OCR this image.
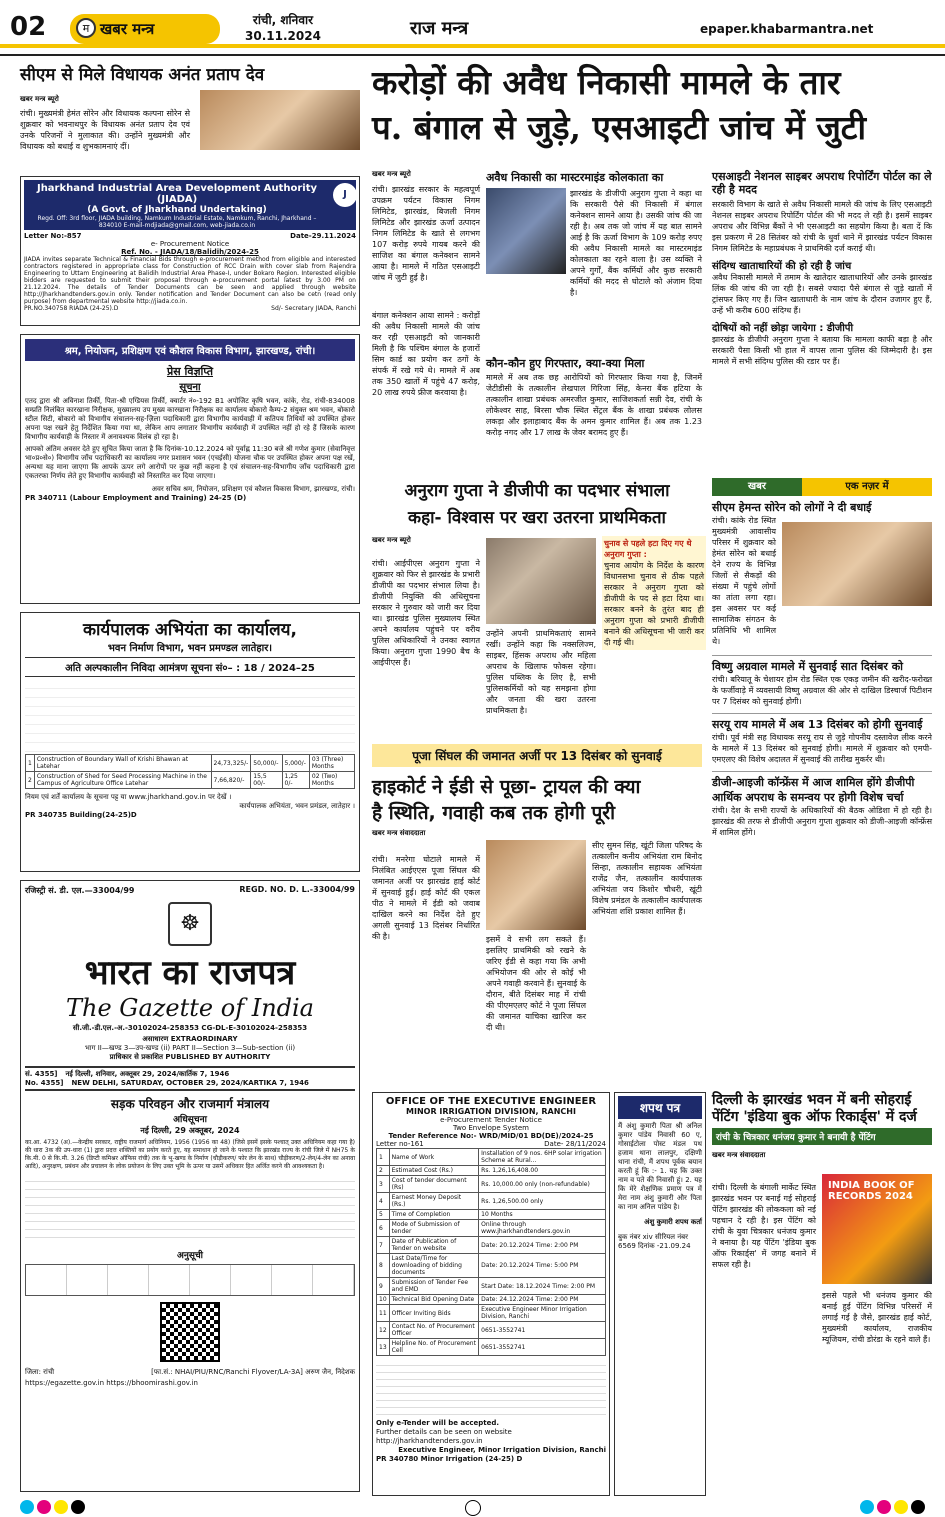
02	खबर मन्त्र
म
रांची, शनिवार
30.11.2024	राज मन्त्र	epaper.khabarmantra.net
सीएम से मिले विधायक अनंत प्रताप देव
खबर मन्त्र ब्यूरो
रांची। मुख्यमंत्री हेमंत सोरेन और विधायक कल्पना सोरेन से शुक्रवार को भवनाथपुर के विधायक अनंत प्रताप देव एवं उनके परिजनों ने मुलाकात की। उन्होंने मुख्यमंत्री और विधायक को बधाई व शुभकामनाएं दीं।
Jharkhand Industrial Area Development Authority (JIADA)
(A Govt. of Jharkhand Undertaking)
Regd. Off: 3rd floor, JIADA building, Namkum Industrial Estate, Namkum, Ranchi, Jharkhand – 834010 E-mail-mdjiada@gmail.com, web-jiada.co.in
J
Letter No:-857	Date-29.11.2024
e- Procurement Notice
Ref. No. - JIADA/18/Balidih/2024-25
JIADA invites separate Technical & Financial Bids through e-procurement method from eligible and interested contractors registered in appropriate class for Construction of RCC Drain with cover slab from Rajendra Engineering to Uttam Engineering at Balidih Industrial Area Phase-I, under Bokaro Region. Interested eligible bidders are requested to submit their proposal through e-procurement portal latest by 3.00 PM on 21.12.2024. The details of Tender Documents can be seen and applied through website http://Jharkhandtenders.gov.in only. Tender notification and Tender Document can also be cetn (read only purpose) from departmental website http://jiada.co.in.
PR.NO.340758 RIADA (24-25).D	Sd/- Secretary JIADA, Ranchi
श्रम, नियोजन, प्रशिक्षण एवं कौशल विकास विभाग, झारखण्ड, रांची।
प्रेस विज्ञप्ति
सूचना
एतद द्वारा श्री अविनाश तिर्की, पिता-श्री एग्‍डियस तिर्की, क्वार्टर नं०-192 B1 अपोजिट कृषि भवन, कांके, रोड, रांची-834008 सम्प्रति निलंबित कारखाना निरीक्षक, मुख्यालय उप मुख्य कारखाना निरीक्षक का कार्यालय बोकारो कैम्प-2 संयुक्त श्रम भवन, बोकारो स्टील सिटी, बोकारो को विभागीय संचालन-सह-ज़िला पदाधिकारी द्वारा विभागीय कार्यवाही में कतिपय तिथियों को उपस्थित होकर अपना पक्ष रखने हेतु निर्देशित किया गया था, लेकिन आप लगातार विभागीय कार्यवाही में उपस्थित नहीं हो रहे हैं जिसके कारण विभागीय कार्यवाही के निस्तार में अनावश्यक विलंब हो रहा है।
आपको अंतिम अवसर देते हुए सूचित किया जाता है कि दिनांक-10.12.2024 को पूर्वाह्न 11:30 बजे श्री गणेश कुमार (सेवानिवृत्त भा०प्र०से०) विभागीय जाँच पदाधिकारी का कार्यालय नगर प्रशासन भवन (एचईसी) योजना चौक पर उपस्थित होकर अपना पक्ष रखें, अन्यथा यह माना जाएगा कि आपके ऊपर लगे आरोपों पर कुछ नहीं कहना है एवं संचालन-सह-विभागीय जाँच पदाधिकारी द्वारा एकतरफा निर्णय लेते हुए विभागीय कार्यवाही को निस्तारित कर दिया जाएगा।
अवर सचिव श्रम, नियोजन, प्रशिक्षण एवं कौशल विकास विभाग, झारखण्ड, रांची।
PR 340711 (Labour Employment and Training) 24-25 (D)
कार्यपालक अभियंता का कार्यालय,
भवन निर्माण विभाग, भवन प्रमण्डल लातेहार।
अति अल्पकालीन निविदा आमंत्रण सूचना सं०– : 18 / 2024–25
1	Construction of Boundary Wall of Krishi Bhawan at Latehar	24,73,325/-	50,000/-	5,000/-	03 (Three) Months
2	Construction of Shed for Seed Processing Machine in the Campus of Agriculture Office Latehar	7,66,820/-	15,5 00/-	1,25 0/-	02 (Two) Months
नियम एवं शर्तें कार्यालय के सूचना पट्ट या www.jharkhand.gov.in पर देखें ।
कार्यपालक अभियंता, भवन प्रमंडल, लातेहार ।
PR 340735 Building(24-25)D
रजिस्ट्री सं. डी. एल.—33004/99	REGD. NO. D. L.-33004/99
☸
भारत का राजपत्र
The Gazette of India
सी.जी.-डी.एल.-अ.-30102024-258353 CG-DL-E-30102024-258353
असाधारण EXTRAORDINARY
भाग II—खण्ड 3—उप-खण्ड (ii) PART II—Section 3—Sub-section (ii)
प्राधिकार से प्रकाशित PUBLISHED BY AUTHORITY
सं. 4355] नई दिल्ली, शनिवार, अक्तूबर 29, 2024/कार्तिक 7, 1946
No. 4355] NEW DELHI, SATURDAY, OCTOBER 29, 2024/KARTIKA 7, 1946
सड़क परिवहन और राजमार्ग मंत्रालय
अधिसूचना
नई दिल्ली, 29 अक्तूबर, 2024
का.आ. 4732 (अ).—केन्द्रीय सरकार, राष्ट्रीय राजमार्ग अधिनियम, 1956 (1956 का 48) (जिसे इसमें इसके पश्चात् उक्त अधिनियम कहा गया है) की धारा 3क की उप-धारा (1) द्वारा प्रदत्त शक्तियों का प्रयोग करते हुए, यह समाधान हो जाने के पश्चात कि झारखंड राज्य के रांची जिले में NH75 के कि.मी. 0 से कि.मी. 3.26 (डिप्टी कमिश्नर ऑफिस रांची) तक के भू-खण्ड के निर्माण (चौड़ीकरण/ फोर लेन के साथ) चौड़ीकरण/2-लेन/4-लेन का अनावा आदि), अनुरक्षण, प्रबंधन और प्रचालन के लोक प्रयोजन के लिए उक्त भूमि के ऊपर या उसमें अधिकार हित अर्जित करने की आवश्यकता है।
अनुसूची
जिला: रांची	[फा.सं.: NHAI/PIU/RNC/Ranchi Flyover/LA-3A] अरुण जैन, निदेशक
https://egazette.gov.in https://bhoomirashi.gov.in
करोड़ों की अवैध निकासी मामले के तार
प. बंगाल से जुड़े, एसआइटी जांच में जुटी
खबर मन्त्र ब्यूरो
रांची। झारखंड सरकार के महत्वपूर्ण उपक्रम पर्यटन विकास निगम लिमिटेड, झारखंड, बिजली निगम लिमिटेड और झारखंड ऊर्जा उत्पादन निगम लिमिटेड के खाते से लगभग 107 करोड़ रुपये गायब करने की साजिश का बंगाल कनेक्शन सामने आया है। मामले में गठित एसआइटी जांच में जुटी हुई है।
बंगाल कनेक्शन आया सामने : करोड़ों की अवैध निकासी मामले की जांच कर रही एसआइटी को जानकारी मिली है कि पश्चिम बंगाल के हजारों सिम कार्ड का प्रयोग कर ठगों के संपर्क में रखे गये थे। मामले में अब तक 350 खातों में पहुंचे 47 करोड़, 20 लाख रुपये फ्रीज करवाया है।
अवैध निकासी का मास्टरमाइंड कोलकाता का
झारखंड के डीजीपी अनुराग गुप्ता ने कहा था कि सरकारी पैसे की निकासी में बंगाल कनेक्शन सामने आया है। उसकी जांच की जा रही है। अब तक जो जांच में यह बात सामने आई है कि ऊर्जा विभाग के 109 करोड़ रुपए की अवैध निकासी मामले का मास्टरमाइंड कोलकाता का रहने वाला है। उस व्यक्ति ने अपने गुर्गों, बैंक कर्मियों और कुछ सरकारी कर्मियों की मदद से घोटाले को अंजाम दिया है।
कौन-कौन हुए गिरफ्तार, क्या-क्या मिला
मामले में अब तक छह आरोपियों को गिरफ्तार किया गया है, जिनमें जेटीडीसी के तत्कालीन लेखपाल गिरिजा सिंह, केनरा बैंक हटिया के तत्कालीन शाखा प्रबंधक अमरजीत कुमार, साजिशकर्ता सन्नी देव, रांची के लोकेश्वर साह, बिरसा चौक स्थित सेंट्रल बैंक के शाखा प्रबंधक लोलस लकड़ा और इलाहाबाद बैंक के अमन कुमार शामिल हैं। अब तक 1.23 करोड़ नगद और 17 लाख के जेवर बरामद हुए हैं।
एसआइटी नेशनल साइबर अपराध रिपोर्टिंग पोर्टल का ले रही है मदद
सरकारी विभाग के खाते से अवैध निकासी मामले की जांच के लिए एसआइटी नेशनल साइबर अपराध रिपोर्टिंग पोर्टल की भी मदद ले रही है। इसमें साइबर अपराध और विभिन्न बैंकों ने भी एसआइटी का सहयोग किया है। बता दें कि इस प्रकरण में 28 सितंबर को रांची के धुर्वा थाने में झारखंड पर्यटन विकास निगम लिमिटेड के महाप्रबंधक ने प्राथमिकी दर्ज कराई थी।
संदिग्ध खाताधारियों की हो रही है जांच
अवैध निकासी मामले में तमाम के खातेदार खाताधारियों और उनके झारखंड लिंक की जांच की जा रही है। सबसे ज्यादा पैसे बंगाल से जुड़े खातों में ट्रांसफर किए गए हैं। जिन खाताधारी के नाम जांच के दौरान उजागर हुए हैं, उन्हें भी करीब 600 संदिग्ध हैं।
दोषियों को नहीं छोड़ा जायेगा : डीजीपी
झारखंड के डीजीपी अनुराग गुप्ता ने बताया कि मामला काफी बड़ा है और सरकारी पैसा किसी भी हाल में वापस लाना पुलिस की जिम्मेदारी है। इस मामले में सभी संदिग्ध पुलिस की रडार पर हैं।
अनुराग गुप्ता ने डीजीपी का पदभार संभाला
कहा- विश्वास पर खरा उतरना प्राथमिकता
खबर मन्त्र ब्यूरो
रांची। आईपीएस अनुराग गुप्ता ने शुक्रवार को फिर से झारखंड के प्रभारी डीजीपी का पदभार संभाल लिया है। डीजीपी नियुक्ति की अधिसूचना सरकार ने गुरुवार को जारी कर दिया था। झारखंड पुलिस मुख्यालय स्थित अपने कार्यालय पहुंचने पर वरीय पुलिस अधिकारियों ने उनका स्वागत किया। अनुराग गुप्ता 1990 बैच के आईपीएस हैं।
उन्होंने अपनी प्राथमिकताएं सामने रखीं। उन्होंने कहा कि नक्सलिज्म, साइबर, हिंसक अपराध और महिला अपराध के खिलाफ फोकस रहेगा। पुलिस पब्लिक के लिए है, सभी पुलिसकर्मियों को यह समझना होगा और जनता की खरा उतरना प्राथमिकता है।
चुनाव से पहले हटा दिए गए थे अनुराग गुप्ता :
चुनाव आयोग के निर्देश के कारण विधानसभा चुनाव से ठीक पहले सरकार ने अनुराग गुप्ता को डीजीपी के पद से हटा दिया था। सरकार बनने के तुरंत बाद ही अनुराग गुप्ता को प्रभारी डीजीपी बनाने की अधिसूचना भी जारी कर दी गई थी।
खबर	एक नज़र में
सीएम हेमन्त सोरेन को लोगों ने दी बधाई
रांची। कांके रोड स्थित मुख्यमंत्री आवासीय परिसर में शुक्रवार को हेमंत सोरेन को बधाई देने राज्य के विभिन्न जिलों से सैकड़ों की संख्या में पहुंचे लोगों का तांता लगा रहा। इस अवसर पर कई सामाजिक संगठन के प्रतिनिधि भी शामिल थे।
विष्णु अग्रवाल मामले में सुनवाई सात दिसंबर को
रांची। बरियातू के चेशायर होम रोड स्थित एक एकड़ जमीन की खरीद-फरोख्त के फर्जीवाड़े में व्यवसायी विष्णु अग्रवाल की ओर से दाखिल डिस्चार्ज पिटीशन पर 7 दिसंबर को सुनवाई होगी।
सरयू राय मामले में अब 13 दिसंबर को होगी सुनवाई
रांची। पूर्व मंत्री सह विधायक सरयू राय से जुड़े गोपनीय दस्तावेज लीक करने के मामले में 13 दिसंबर को सुनवाई होगी। मामले में शुक्रवार को एमपी-एमएलए की विशेष अदालत में सुनवाई की तारीख मुकर्रर थी।
डीजी-आइजी कॉन्फ्रेंस में आज शामिल होंगे डीजीपी आर्थिक अपराध के समन्वय पर होगी विशेष चर्चा
रांची। देश के सभी राज्यों के अधिकारियों की बैठक ओडिशा में हो रही है। झारखंड की तरफ से डीजीपी अनुराग गुप्ता शुक्रवार को डीजी-आइजी कॉन्फ्रेंस में शामिल होंगे।
पूजा सिंघल की जमानत अर्जी पर 13 दिसंबर को सुनवाई
हाइकोर्ट ने ईडी से पूछा- ट्रायल की क्या
है स्थिति, गवाही कब तक होगी पूरी
खबर मन्त्र संवाददाता
रांची। मनरेगा घोटाले मामले में निलंबित आईएएस पूजा सिंघल की जमानत अर्जी पर झारखंड हाई कोर्ट में सुनवाई हुई। हाई कोर्ट की एकल पीठ ने मामले में ईडी को जवाब दाखिल करने का निर्देश देते हुए अगली सुनवाई 13 दिसंबर निर्धारित की है।	इसमें वे सभी लग सकते हैं। इसलिए प्राथमिकी को रखने के जरिए ईडी से कहा गया कि अभी अभियोजन की ओर से कोई भी अपने गवाही करवाने हैं। सुनवाई के दौरान, बीते दिसंबर माह में रांची की पीएमएलए कोर्ट ने पूजा सिंघल की जमानत याचिका खारिज कर दी थी।
सीए सुमन सिंह, खूंटी जिला परिषद के तत्कालीन कनीय अभियंता राम बिनोद सिन्हा, तत्कालीन सहायक अभियंता राजेंद्र जैन, तत्कालीन कार्यपालक अभियंता जय किशोर चौधरी, खूंटी विशेष प्रमंडल के तत्कालीन कार्यपालक अभियंता शशि प्रकाश शामिल हैं।
OFFICE OF THE EXECUTIVE ENGINEER
MINOR IRRIGATION DIVISION, RANCHI
e-Procurement Tender Notice
Two Envelope System
Tender Reference No:- WRD/MID/01 BD(DE)/2024-25
Letter no-161	Date- 28/11/2024
1	Name of Work	Installation of 9 nos. 6HP solar irrigation Scheme at Rural...
2	Estimated Cost (Rs.)	Rs. 1,26,16,408.00
3	Cost of tender document (Rs)	Rs. 10,000.00 only (non-refundable)
4	Earnest Money Deposit (Rs.)	Rs. 1,26,500.00 only
5	Time of Completion	10 Months
6	Mode of Submission of tender	Online through www.jharkhandtenders.gov.in
7	Date of Publication of Tender on website	Date: 20.12.2024 Time: 2:00 PM
8	Last Date/Time for downloading of bidding documents	Date: 20.12.2024 Time: 5:00 PM
9	Submission of Tender Fee and EMD	Start Date: 18.12.2024 Time: 2:00 PM
10	Technical Bid Opening Date	Date: 24.12.2024 Time: 2:00 PM
11	Officer Inviting Bids	Executive Engineer Minor Irrigation Division, Ranchi
12	Contact No. of Procurement Officer	0651-3552741
13	Helpline No. of Procurement Cell	0651-3552741
Only e-Tender will be accepted.
Further details can be seen on website http://jharkhandtenders.gov.in
Executive Engineer, Minor Irrigation Division, Ranchi
PR 340780 Minor Irrigation (24-25) D
शपथ पत्र
मैं अंशु कुमारी पिता श्री अनिल कुमार पांडेय निवासी 60 ए, गोसाईटोला पोस्ट मंडल पथ हजाम थाना लालपुर, दक्षिणी थाना रांची, मैं शपथ पूर्वक बयान करती हूं कि :- 1. यह कि उक्त नाम व पते की निवासी हूं। 2. यह कि मेरे शैक्षणिक प्रमाण पत्र में मेरा नाम अंशु कुमारी और पिता का नाम अनिल पांडेय है।
अंशु कुमारी शपथ कर्ता
बुक नंबर xiv सीरियल नंबर 6569 दिनांक -21.09.24
दिल्ली के झारखंड भवन में बनी सोहराई
पेंटिंग 'इंडिया बुक ऑफ रिकार्ड्स' में दर्ज
रांची के चित्रकार धनंजय कुमार ने बनायी है पेंटिंग
खबर मन्त्र संवाददाता
रांची। दिल्ली के बंगाली मार्केट स्थित झारखंड भवन पर बनाई गई सोहराई पेंटिंग झारखंड की लोककला को नई पहचान दे रही है। इस पेंटिंग को रांची के युवा चित्रकार धनंजय कुमार ने बनाया है। यह पेंटिंग 'इंडिया बुक ऑफ रिकार्ड्स' में जगह बनाने में सफल रही है।
INDIA BOOK OF RECORDS 2024
इससे पहले भी धनंजय कुमार की बनाई हुई पेंटिंग विभिन्न परिसरों में लगाई गई है जैसे, झारखंड हाई कोर्ट, मुख्यमंत्री कार्यालय, राजकीय म्यूजियम, रांची डोरंडा के रहने वाले हैं।
